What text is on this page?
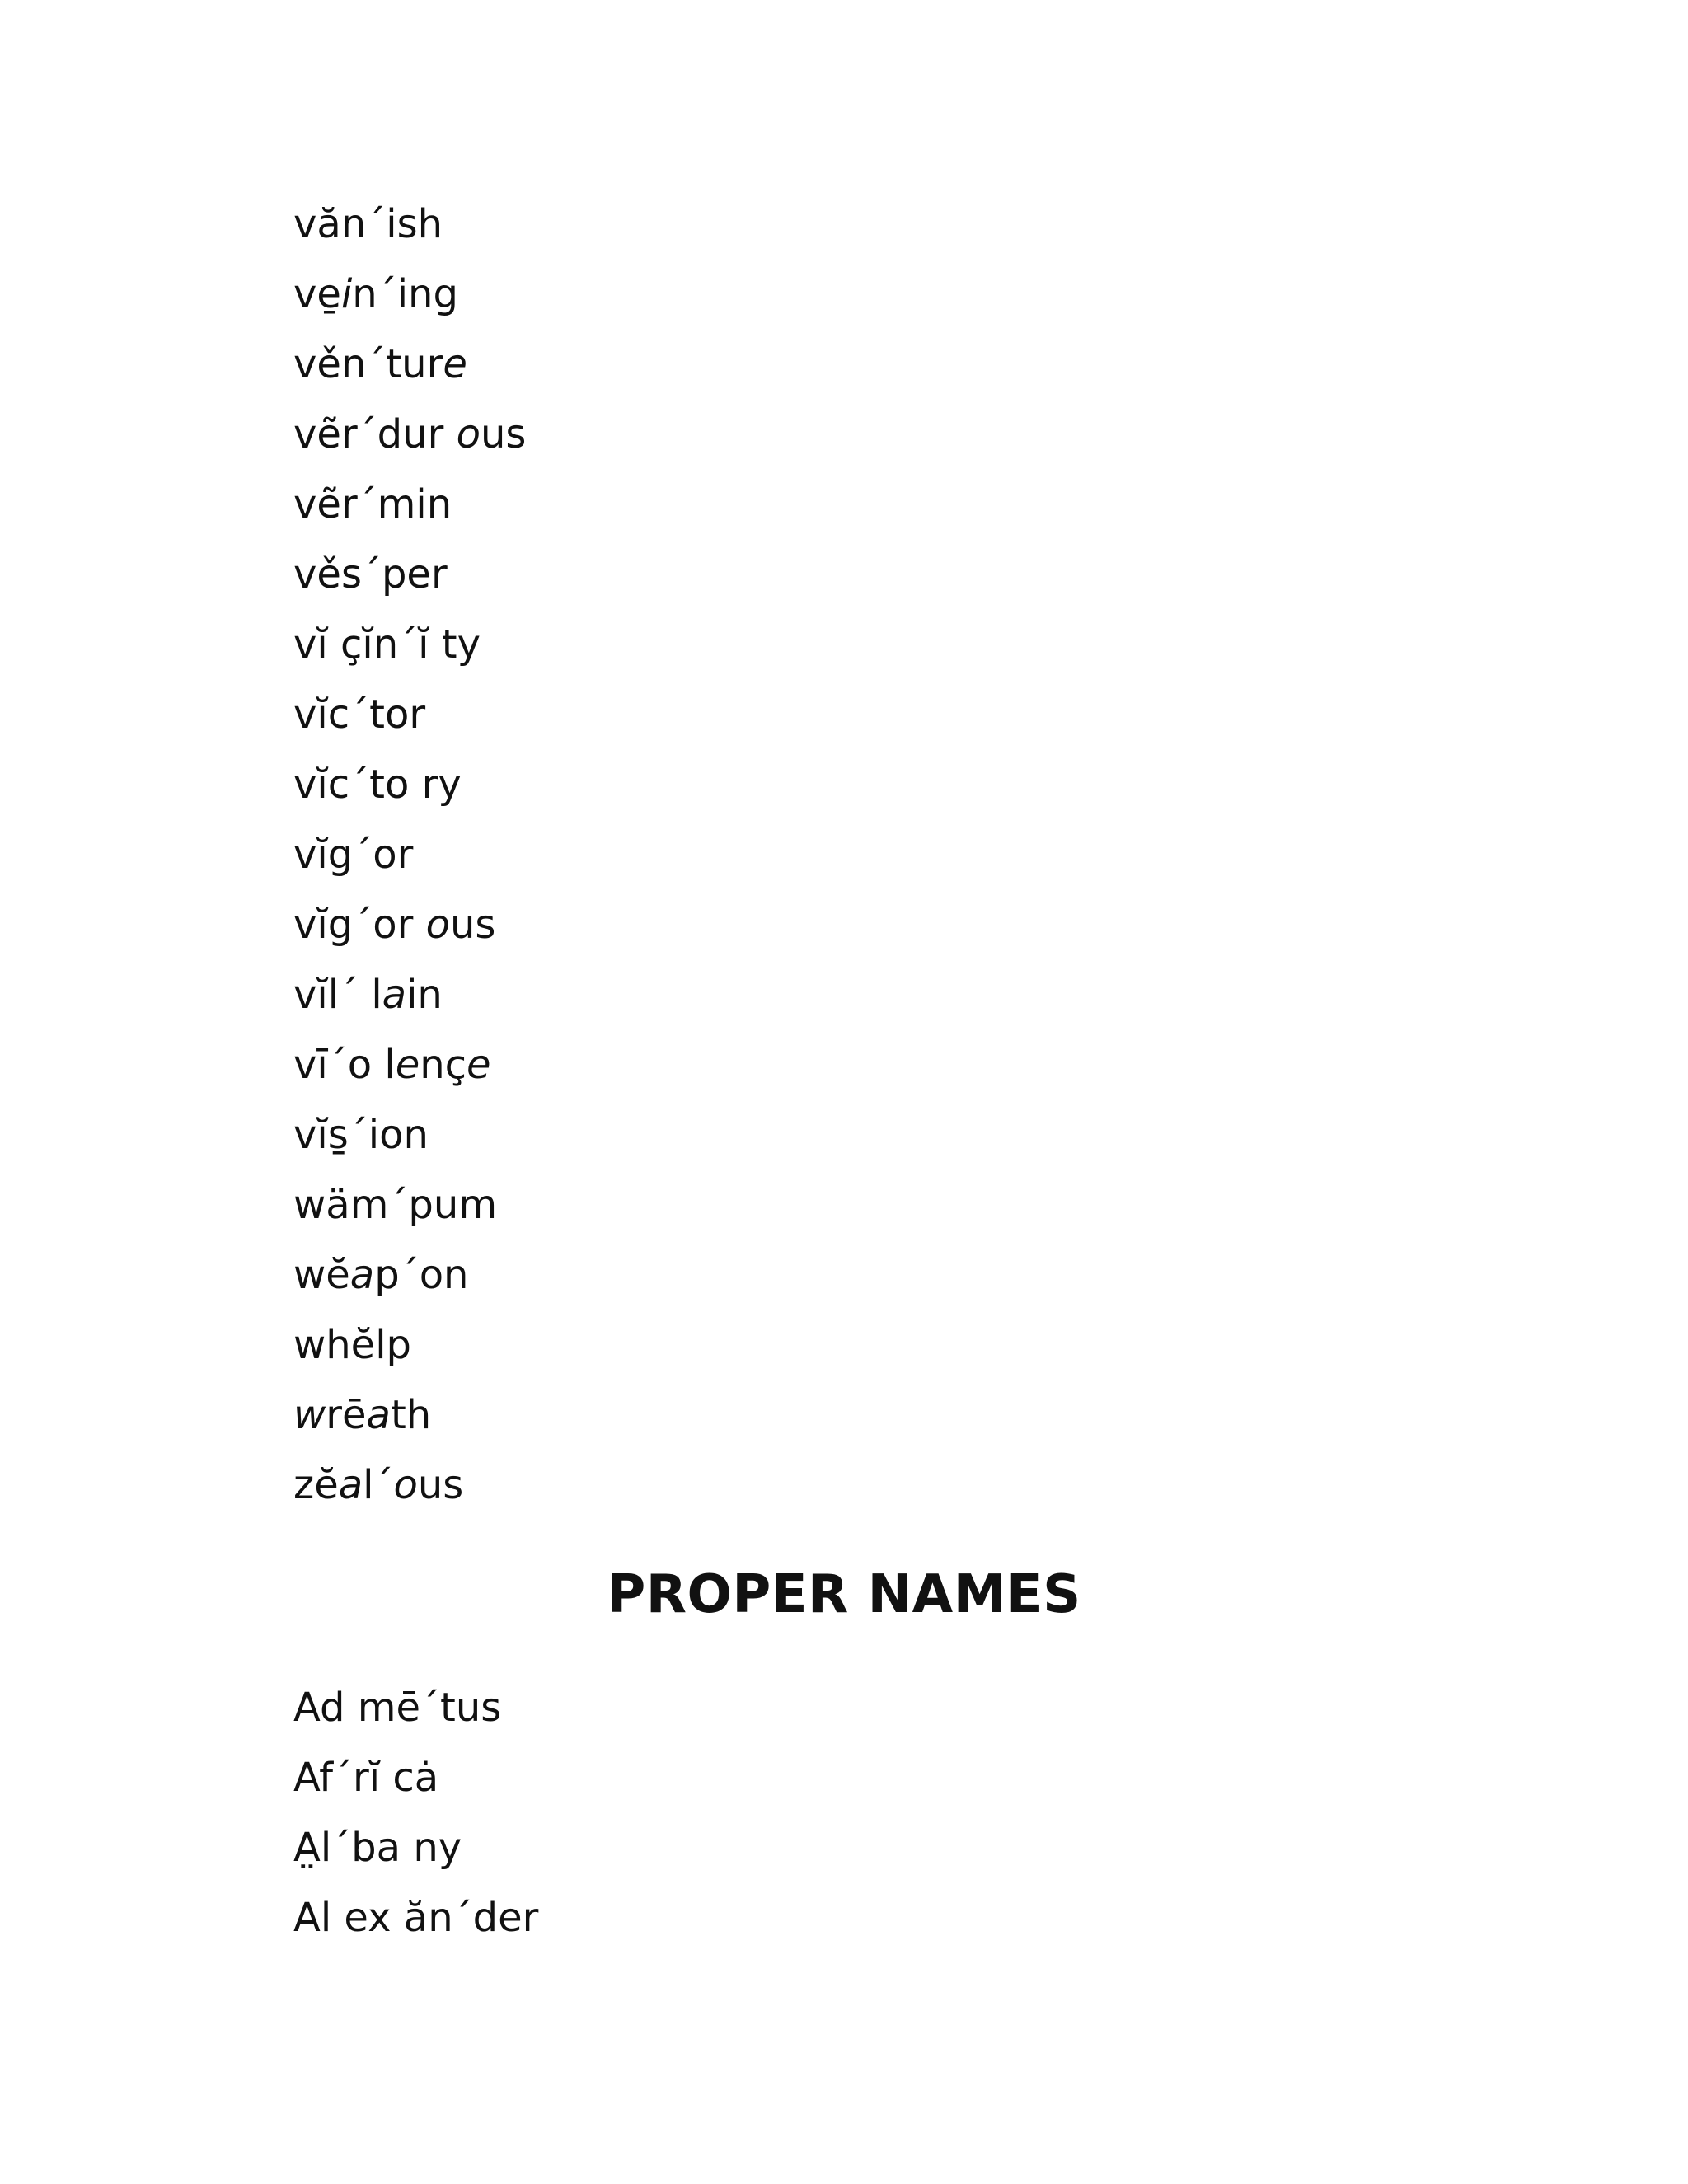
văn´ish
ve̱in´ing
věn´ture
vẽr´dur ous
vẽr´min
věs´per
vĭ çĭn´ĭ ty
vĭc´tor
vĭc´to ry
vĭg´or
vĭg´or ous
vĭl´ lain
vī´o lençe
vĭs̱´ion
wäm´pum
wĕap´on
whĕlp
wrēath
zĕal´ous
PROPER NAMES
Ad mē´tus
Af´rĭ cȧ
A̤l´ba ny
Al ex ăn´der
